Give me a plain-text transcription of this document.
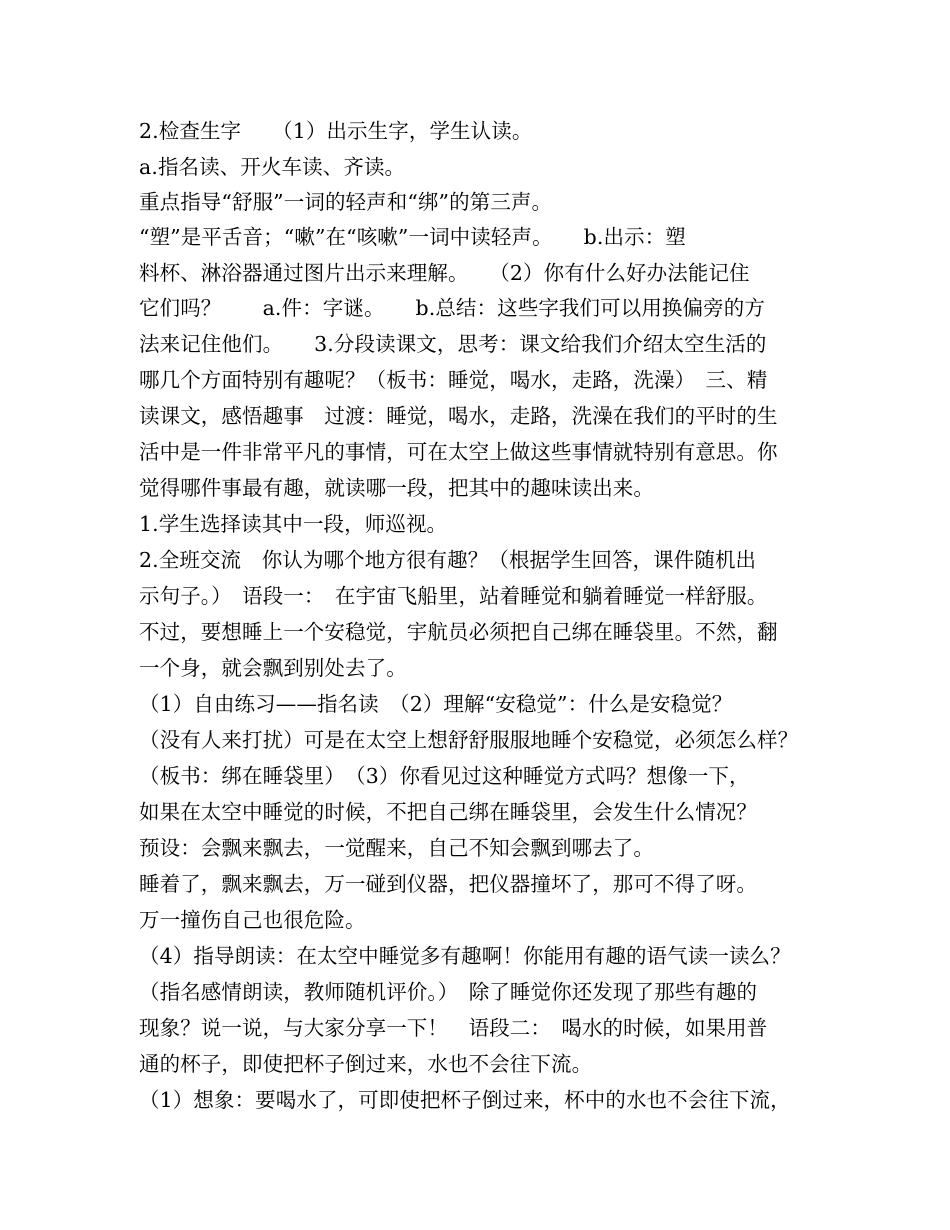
2.检查生字　　（1）出示生字，学生认读。
a.指名读、开火车读、齐读。
重点指导“舒服”一词的轻声和“绑”的第三声。
“塑”是平舌音；“嗽”在“咳嗽”一词中读轻声。　　b.出示：塑
料杯、淋浴器通过图片出示来理解。　　（2）你有什么好办法能记住
它们吗？　　a.件：字谜。　　b.总结：这些字我们可以用换偏旁的方
法来记住他们。　　3.分段读课文，思考：课文给我们介绍太空生活的
哪几个方面特别有趣呢？（板书：睡觉，喝水，走路，洗澡）　三、精
读课文，感悟趣事　过渡：睡觉，喝水，走路，洗澡在我们的平时的生
活中是一件非常平凡的事情，可在太空上做这些事情就特别有意思。你
觉得哪件事最有趣，就读哪一段，把其中的趣味读出来。
1.学生选择读其中一段，师巡视。
2.全班交流　你认为哪个地方很有趣？（根据学生回答，课件随机出
示句子。）　语段一：　在宇宙飞船里，站着睡觉和躺着睡觉一样舒服。
不过，要想睡上一个安稳觉，宇航员必须把自己绑在睡袋里。不然，翻
一个身，就会飘到别处去了。
（1）自由练习——指名读　（2）理解“安稳觉”：什么是安稳觉？
（没有人来打扰）可是在太空上想舒舒服服地睡个安稳觉，必须怎么样？
（板书：绑在睡袋里）　（3）你看见过这种睡觉方式吗？想像一下，
如果在太空中睡觉的时候，不把自己绑在睡袋里，会发生什么情况？
预设：会飘来飘去，一觉醒来，自己不知会飘到哪去了。
睡着了，飘来飘去，万一碰到仪器，把仪器撞坏了，那可不得了呀。
万一撞伤自己也很危险。
（4）指导朗读：在太空中睡觉多有趣啊！你能用有趣的语气读一读么？
（指名感情朗读，教师随机评价。）　除了睡觉你还发现了那些有趣的
现象？说一说，与大家分享一下！　语段二：　喝水的时候，如果用普
通的杯子，即使把杯子倒过来，水也不会往下流。
（1）想象：要喝水了，可即使把杯子倒过来，杯中的水也不会往下流，
